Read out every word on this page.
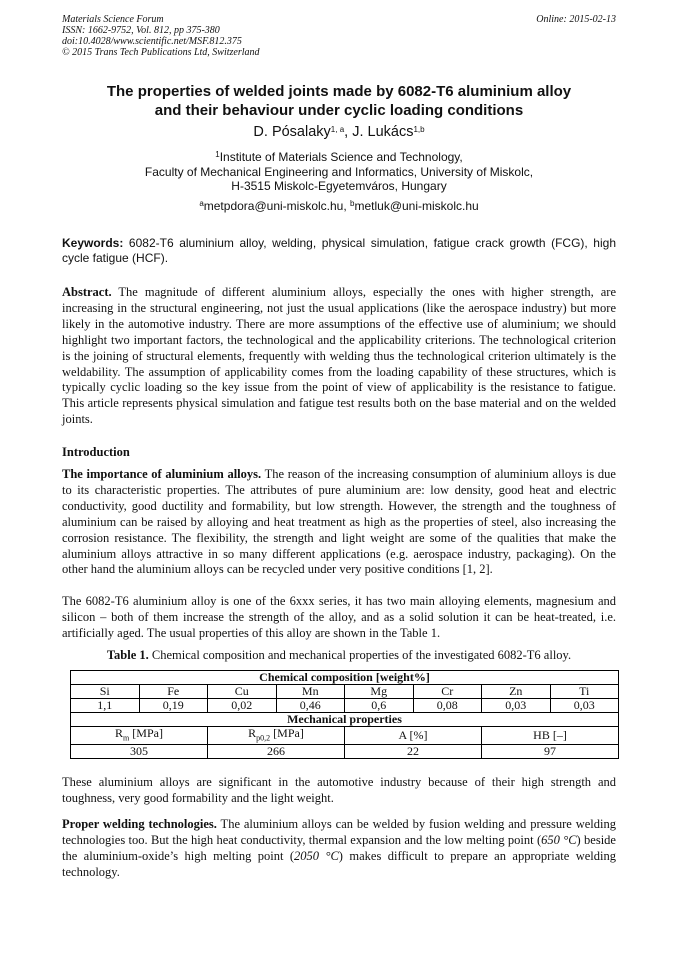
Materials Science Forum
ISSN: 1662-9752, Vol. 812, pp 375-380
doi:10.4028/www.scientific.net/MSF.812.375
© 2015 Trans Tech Publications Ltd, Switzerland
Online: 2015-02-13
The properties of welded joints made by 6082-T6 aluminium alloy
and their behaviour under cyclic loading conditions
D. Pósalaky$^{1, a}$, J. Lukács$^{1,b}$
$^1$Institute of Materials Science and Technology,
Faculty of Mechanical Engineering and Informatics, University of Miskolc,
H-3515 Miskolc-Egyetemváros, Hungary
$^a$metpdora@uni-miskolc.hu, $^b$metluk@uni-miskolc.hu
Keywords: 6082-T6 aluminium alloy, welding, physical simulation, fatigue crack growth (FCG), high cycle fatigue (HCF).
Abstract. The magnitude of different aluminium alloys, especially the ones with higher strength, are increasing in the structural engineering, not just the usual applications (like the aerospace industry) but more likely in the automotive industry. There are more assumptions of the effective use of aluminium; we should highlight two important factors, the technological and the applicability criterions. The technological criterion is the joining of structural elements, frequently with welding thus the technological criterion ultimately is the weldability. The assumption of applicability comes from the loading capability of these structures, which is typically cyclic loading so the key issue from the point of view of applicability is the resistance to fatigue. This article represents physical simulation and fatigue test results both on the base material and on the welded joints.
Introduction
The importance of aluminium alloys. The reason of the increasing consumption of aluminium alloys is due to its characteristic properties. The attributes of pure aluminium are: low density, good heat and electric conductivity, good ductility and formability, but low strength. However, the strength and the toughness of aluminium can be raised by alloying and heat treatment as high as the properties of steel, also increasing the corrosion resistance. The flexibility, the strength and light weight are some of the qualities that make the aluminium alloys attractive in so many different applications (e.g. aerospace industry, packaging). On the other hand the aluminium alloys can be recycled under very positive conditions [1, 2].
The 6082-T6 aluminium alloy is one of the 6xxx series, it has two main alloying elements, magnesium and silicon – both of them increase the strength of the alloy, and as a solid solution it can be heat-treated, i.e. artificially aged. The usual properties of this alloy are shown in the Table 1.
Table 1. Chemical composition and mechanical properties of the investigated 6082-T6 alloy.
Chemical composition [weight%]							
Si	Fe	Cu	Mn	Mg	Cr	Zn	Ti
1,1	0,19	0,02	0,46	0,6	0,08	0,03	0,03
Mechanical properties							
$R_m$ [MPa]		$R_{p0,2}$ [MPa]		A [%]		HB [–]	
305		266		22		97	
These aluminium alloys are significant in the automotive industry because of their high strength and toughness, very good formability and the light weight.
Proper welding technologies. The aluminium alloys can be welded by fusion welding and pressure welding technologies too. But the high heat conductivity, thermal expansion and the low melting point (650 °C) beside the aluminium-oxide’s high melting point (2050 °C) makes difficult to prepare an appropriate welding technology.
